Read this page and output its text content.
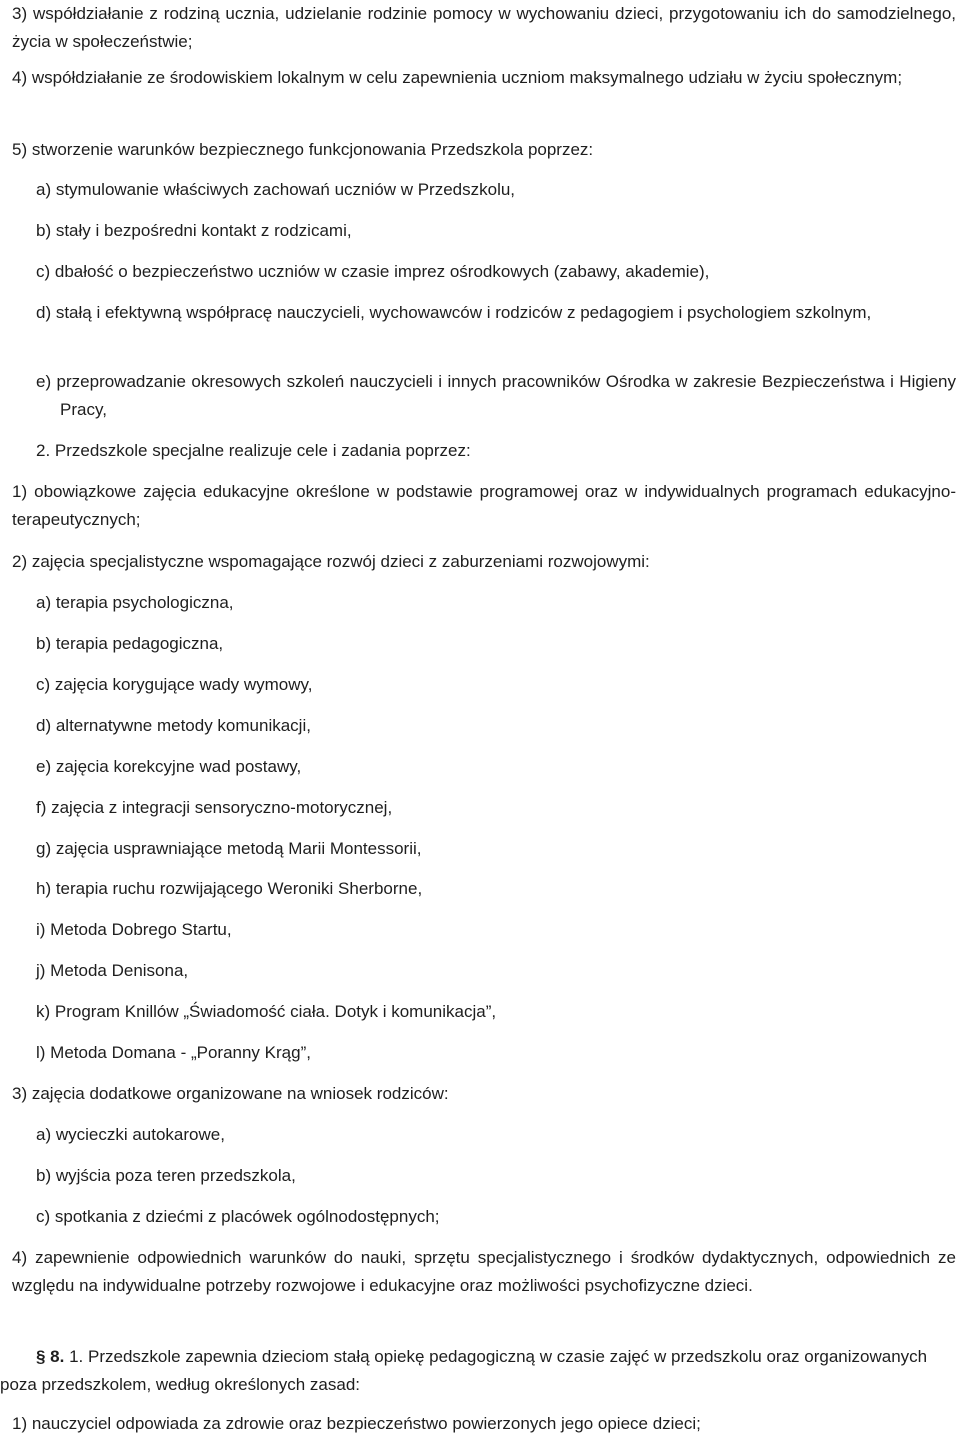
3) współdziałanie z rodziną ucznia, udzielanie rodzinie pomocy w wychowaniu dzieci, przygotowaniu ich do samodzielnego, życia w społeczeństwie;

4) współdziałanie ze środowiskiem lokalnym w celu zapewnienia uczniom maksymalnego udziału w życiu społecznym;

5) stworzenie warunków bezpiecznego funkcjonowania Przedszkola poprzez:

a) stymulowanie właściwych zachowań uczniów w Przedszkolu,

b) stały i bezpośredni kontakt z rodzicami,

c) dbałość o bezpieczeństwo uczniów w czasie imprez ośrodkowych (zabawy, akademie),

d) stałą i efektywną współpracę nauczycieli, wychowawców i rodziców z pedagogiem i psychologiem szkolnym,

e) przeprowadzanie okresowych szkoleń nauczycieli i innych pracowników Ośrodka w zakresie Bezpieczeństwa i Higieny Pracy,

2. Przedszkole specjalne realizuje cele i zadania poprzez:

1) obowiązkowe zajęcia edukacyjne określone w podstawie programowej oraz w indywidualnych programach edukacyjno-terapeutycznych;

2) zajęcia specjalistyczne wspomagające rozwój dzieci z zaburzeniami rozwojowymi:

a) terapia psychologiczna,

b) terapia pedagogiczna,

c) zajęcia korygujące wady wymowy,

d) alternatywne metody komunikacji,

e) zajęcia korekcyjne wad postawy,

f) zajęcia z integracji sensoryczno-motorycznej,

g) zajęcia usprawniające metodą Marii Montessorii,

h) terapia ruchu rozwijającego Weroniki Sherborne,

i) Metoda Dobrego Startu,

j) Metoda Denisona,

k) Program Knillów „Świadomość ciała. Dotyk i komunikacja”,

l) Metoda Domana - „Poranny Krąg”,

3) zajęcia dodatkowe organizowane na wniosek rodziców:

a) wycieczki autokarowe,

b) wyjścia poza teren przedszkola,

c) spotkania z dziećmi z placówek ogólnodostępnych;

4) zapewnienie odpowiednich warunków do nauki, sprzętu specjalistycznego i środków dydaktycznych, odpowiednich ze względu na indywidualne potrzeby rozwojowe i edukacyjne oraz możliwości psychofizyczne dzieci.

§ 8. 1. Przedszkole zapewnia dzieciom stałą opiekę pedagogiczną w czasie zajęć w przedszkolu oraz organizowanych poza przedszkolem, według określonych zasad:

1) nauczyciel odpowiada za zdrowie oraz bezpieczeństwo powierzonych jego opiece dzieci;
